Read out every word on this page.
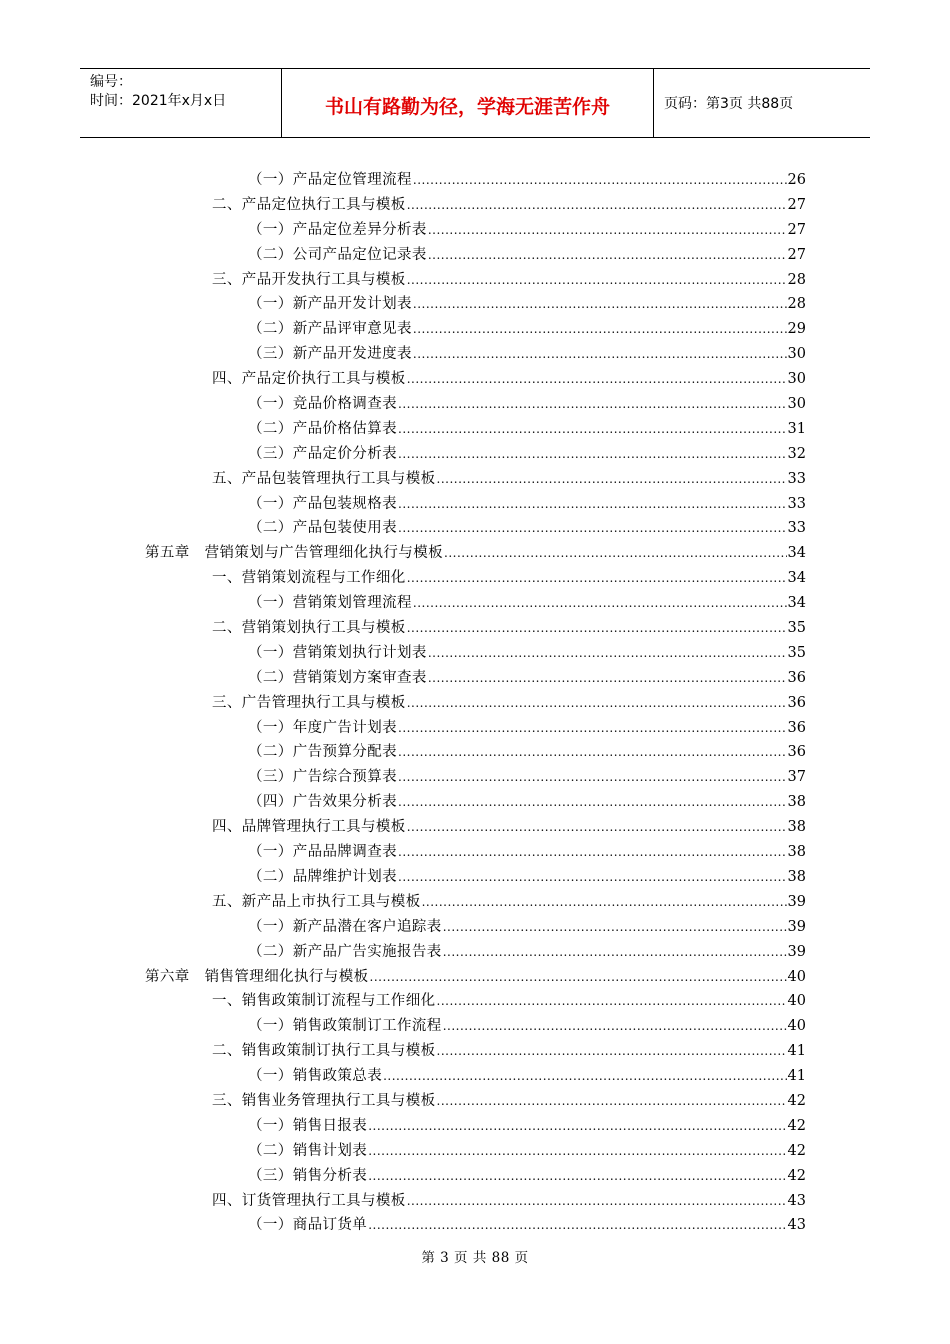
编号：
时间：2021年x月x日	书山有路勤为径，学海无涯苦作舟	页码：第3页 共88页
（一）产品定位管理流程 .....	26
二、产品定位执行工具与模板 .....	27
（一）产品定位差异分析表 .....	27
（二）公司产品定位记录表 .....	27
三、产品开发执行工具与模板 .....	28
（一）新产品开发计划表 .....	28
（二）新产品评审意见表 .....	29
（三）新产品开发进度表 .....	30
四、产品定价执行工具与模板 .....	30
（一）竞品价格调查表 .....	30
（二）产品价格估算表 .....	31
（三）产品定价分析表 .....	32
五、产品包装管理执行工具与模板 .....	33
（一）产品包装规格表 .....	33
（二）产品包装使用表 .....	33
第五章　营销策划与广告管理细化执行与模板 .....	34
一、营销策划流程与工作细化 .....	34
（一）营销策划管理流程 .....	34
二、营销策划执行工具与模板 .....	35
（一）营销策划执行计划表 .....	35
（二）营销策划方案审查表 .....	36
三、广告管理执行工具与模板 .....	36
（一）年度广告计划表 .....	36
（二）广告预算分配表 .....	36
（三）广告综合预算表 .....	37
（四）广告效果分析表 .....	38
四、品牌管理执行工具与模板 .....	38
（一）产品品牌调查表 .....	38
（二）品牌维护计划表 .....	38
五、新产品上市执行工具与模板 .....	39
（一）新产品潜在客户追踪表 .....	39
（二）新产品广告实施报告表 .....	39
第六章　销售管理细化执行与模板 .....	40
一、销售政策制订流程与工作细化 .....	40
（一）销售政策制订工作流程 .....	40
二、销售政策制订执行工具与模板 .....	41
（一）销售政策总表 .....	41
三、销售业务管理执行工具与模板 .....	42
（一）销售日报表 .....	42
（二）销售计划表 .....	42
（三）销售分析表 .....	42
四、订货管理执行工具与模板 .....	43
（一）商品订货单 .....	43
第 3 页 共 88 页
